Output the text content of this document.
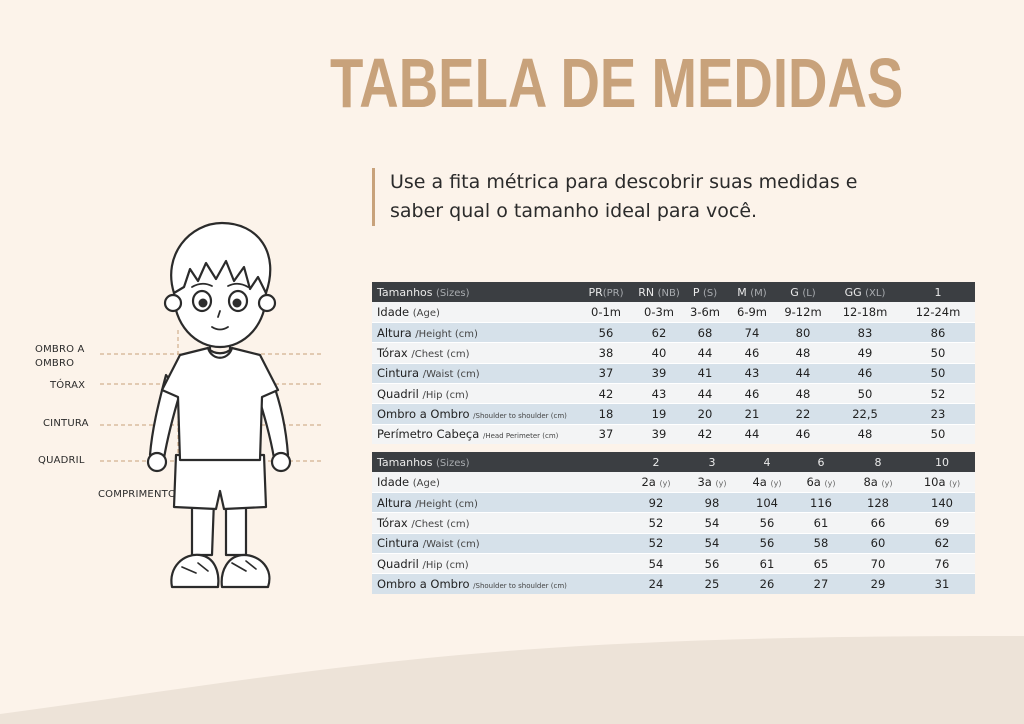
TABELA DE MEDIDAS
Use a fita métrica para descobrir suas medidas e
saber qual o tamanho ideal para você.
OMBRO A
OMBRO
TÓRAX
CINTURA
QUADRIL
COMPRIMENTO
Tamanhos (Sizes)	PR(PR)	RN (NB)	P (S)	M (M)	G (L)	GG (XL)	1
Idade (Age)	0-1m	0-3m	3-6m	6-9m	9-12m	12-18m	12-24m
Altura /Height (cm)	56	62	68	74	80	83	86
Tórax /Chest (cm)	38	40	44	46	48	49	50
Cintura /Waist (cm)	37	39	41	43	44	46	50
Quadril /Hip (cm)	42	43	44	46	48	50	52
Ombro a Ombro /Shoulder to shoulder (cm)	18	19	20	21	22	22,5	23
Perímetro Cabeça /Head Perimeter (cm)	37	39	42	44	46	48	50
Tamanhos (Sizes)	2	3	4	6	8	10
Idade (Age)	2a (y)	3a (y)	4a (y)	6a (y)	8a (y)	10a (y)
Altura /Height (cm)	92	98	104	116	128	140
Tórax /Chest (cm)	52	54	56	61	66	69
Cintura /Waist (cm)	52	54	56	58	60	62
Quadril /Hip (cm)	54	56	61	65	70	76
Ombro a Ombro /Shoulder to shoulder (cm)	24	25	26	27	29	31
